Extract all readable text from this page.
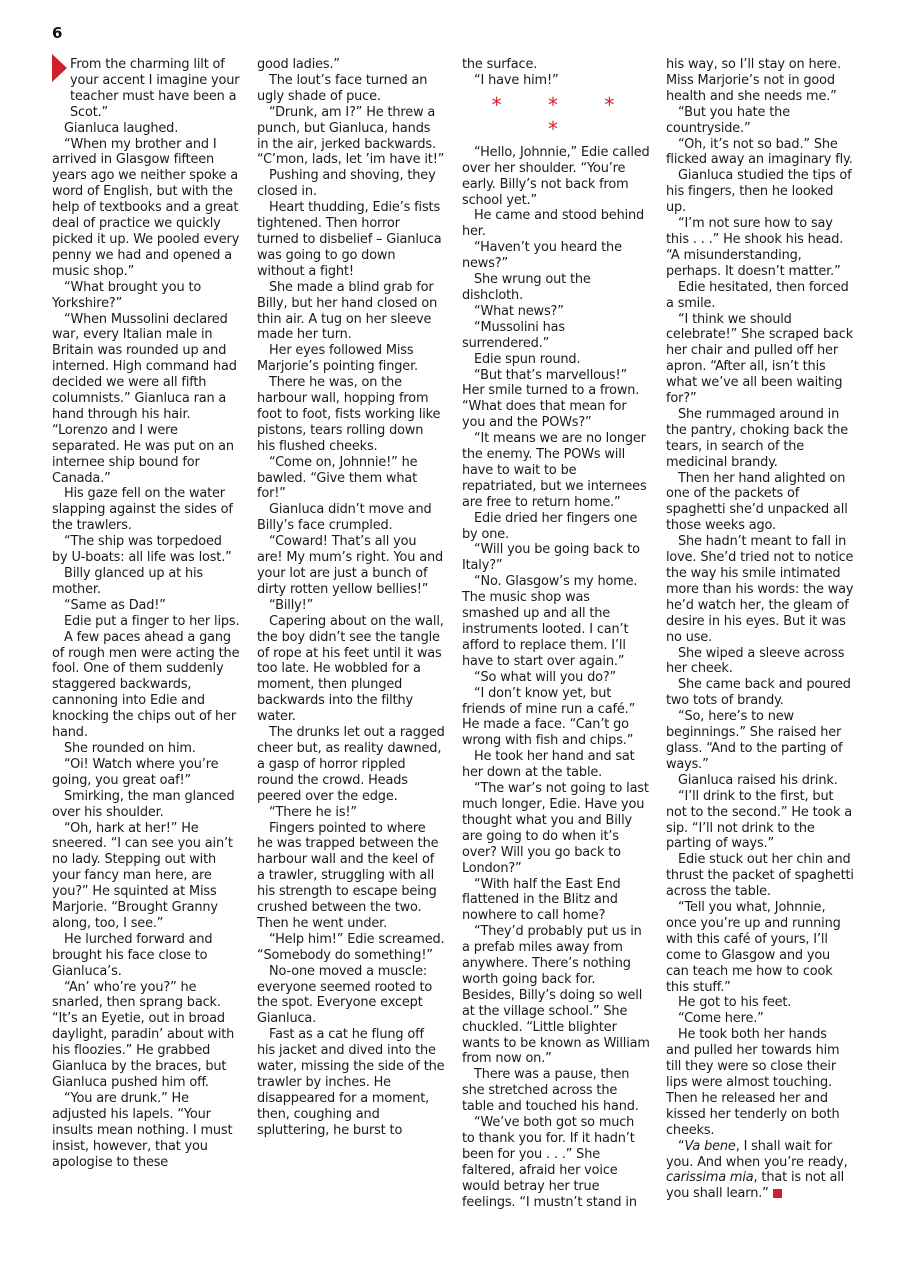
6

From the charming lilt of your accent I imagine your teacher must have been a Scot.”

Gianluca laughed.

“When my brother and I arrived in Glasgow fifteen years ago we neither spoke a word of English, but with the help of textbooks and a great deal of practice we quickly picked it up. We pooled every penny we had and opened a music shop.”

“What brought you to Yorkshire?”

“When Mussolini declared war, every Italian male in Britain was rounded up and interned. High command had decided we were all fifth columnists.” Gianluca ran a hand through his hair. “Lorenzo and I were separated. He was put on an internee ship bound for Canada.”

His gaze fell on the water slapping against the sides of the trawlers.

“The ship was torpedoed by U-boats: all life was lost.”

Billy glanced up at his mother.

“Same as Dad!”

Edie put a finger to her lips.

A few paces ahead a gang of rough men were acting the fool. One of them suddenly staggered backwards, cannoning into Edie and knocking the chips out of her hand.

She rounded on him.

“Oi! Watch where you’re going, you great oaf!”

Smirking, the man glanced over his shoulder.

“Oh, hark at her!” He sneered. “I can see you ain’t no lady. Stepping out with your fancy man here, are you?” He squinted at Miss Marjorie. “Brought Granny along, too, I see.”

He lurched forward and brought his face close to Gianluca’s.

“An’ who’re you?” he snarled, then sprang back. “It’s an Eyetie, out in broad daylight, paradin’ about with his floozies.” He grabbed Gianluca by the braces, but Gianluca pushed him off.

“You are drunk.” He adjusted his lapels. “Your insults mean nothing. I must insist, however, that you apologise to these

good ladies.”

The lout’s face turned an ugly shade of puce.

“Drunk, am I?” He threw a punch, but Gianluca, hands in the air, jerked backwards. “C’mon, lads, let ’im have it!”

Pushing and shoving, they closed in.

Heart thudding, Edie’s fists tightened. Then horror turned to disbelief – Gianluca was going to go down without a fight!

She made a blind grab for Billy, but her hand closed on thin air. A tug on her sleeve made her turn.

Her eyes followed Miss Marjorie’s pointing finger.

There he was, on the harbour wall, hopping from foot to foot, fists working like pistons, tears rolling down his flushed cheeks.

“Come on, Johnnie!” he bawled. “Give them what for!”

Gianluca didn’t move and Billy’s face crumpled.

“Coward! That’s all you are! My mum’s right. You and your lot are just a bunch of dirty rotten yellow bellies!”

“Billy!”

Capering about on the wall, the boy didn’t see the tangle of rope at his feet until it was too late. He wobbled for a moment, then plunged backwards into the filthy water.

The drunks let out a ragged cheer but, as reality dawned, a gasp of horror rippled round the crowd. Heads peered over the edge.

“There he is!”

Fingers pointed to where he was trapped between the harbour wall and the keel of a trawler, struggling with all his strength to escape being crushed between the two. Then he went under.

“Help him!” Edie screamed. “Somebody do something!”

No-one moved a muscle: everyone seemed rooted to the spot. Everyone except Gianluca.

Fast as a cat he flung off his jacket and dived into the water, missing the side of the trawler by inches. He disappeared for a moment, then, coughing and spluttering, he burst to

the surface.

“I have him!”

* * * *

“Hello, Johnnie,” Edie called over her shoulder. “You’re early. Billy’s not back from school yet.”

He came and stood behind her.

“Haven’t you heard the news?”

She wrung out the dishcloth.

“What news?”

“Mussolini has surrendered.”

Edie spun round.

“But that’s marvellous!” Her smile turned to a frown. “What does that mean for you and the POWs?”

“It means we are no longer the enemy. The POWs will have to wait to be repatriated, but we internees are free to return home.”

Edie dried her fingers one by one.

“Will you be going back to Italy?”

“No. Glasgow’s my home. The music shop was smashed up and all the instruments looted. I can’t afford to replace them. I’ll have to start over again.”

“So what will you do?”

“I don’t know yet, but friends of mine run a café.” He made a face. “Can’t go wrong with fish and chips.”

He took her hand and sat her down at the table.

“The war’s not going to last much longer, Edie. Have you thought what you and Billy are going to do when it’s over? Will you go back to London?”

“With half the East End flattened in the Blitz and nowhere to call home?

“They’d probably put us in a prefab miles away from anywhere. There’s nothing worth going back for. Besides, Billy’s doing so well at the village school.” She chuckled. “Little blighter wants to be known as William from now on.”

There was a pause, then she stretched across the table and touched his hand.

“We’ve both got so much to thank you for. If it hadn’t been for you . . .” She faltered, afraid her voice would betray her true feelings. “I mustn’t stand in

his way, so I’ll stay on here. Miss Marjorie’s not in good health and she needs me.”

“But you hate the countryside.”

“Oh, it’s not so bad.” She flicked away an imaginary fly.

Gianluca studied the tips of his fingers, then he looked up.

“I’m not sure how to say this . . .” He shook his head. “A misunderstanding, perhaps. It doesn’t matter.”

Edie hesitated, then forced a smile.

“I think we should celebrate!” She scraped back her chair and pulled off her apron. “After all, isn’t this what we’ve all been waiting for?”

She rummaged around in the pantry, choking back the tears, in search of the medicinal brandy.

Then her hand alighted on one of the packets of spaghetti she’d unpacked all those weeks ago.

She hadn’t meant to fall in love. She’d tried not to notice the way his smile intimated more than his words: the way he’d watch her, the gleam of desire in his eyes. But it was no use.

She wiped a sleeve across her cheek.

She came back and poured two tots of brandy.

“So, here’s to new beginnings.” She raised her glass. “And to the parting of ways.”

Gianluca raised his drink.

“I’ll drink to the first, but not to the second.” He took a sip. “I’ll not drink to the parting of ways.”

Edie stuck out her chin and thrust the packet of spaghetti across the table.

“Tell you what, Johnnie, once you’re up and running with this café of yours, I’ll come to Glasgow and you can teach me how to cook this stuff.”

He got to his feet.

“Come here.”

He took both her hands and pulled her towards him till they were so close their lips were almost touching. Then he released her and kissed her tenderly on both cheeks.

“Va bene, I shall wait for you. And when you’re ready, carissima mia, that is not all you shall learn.”
